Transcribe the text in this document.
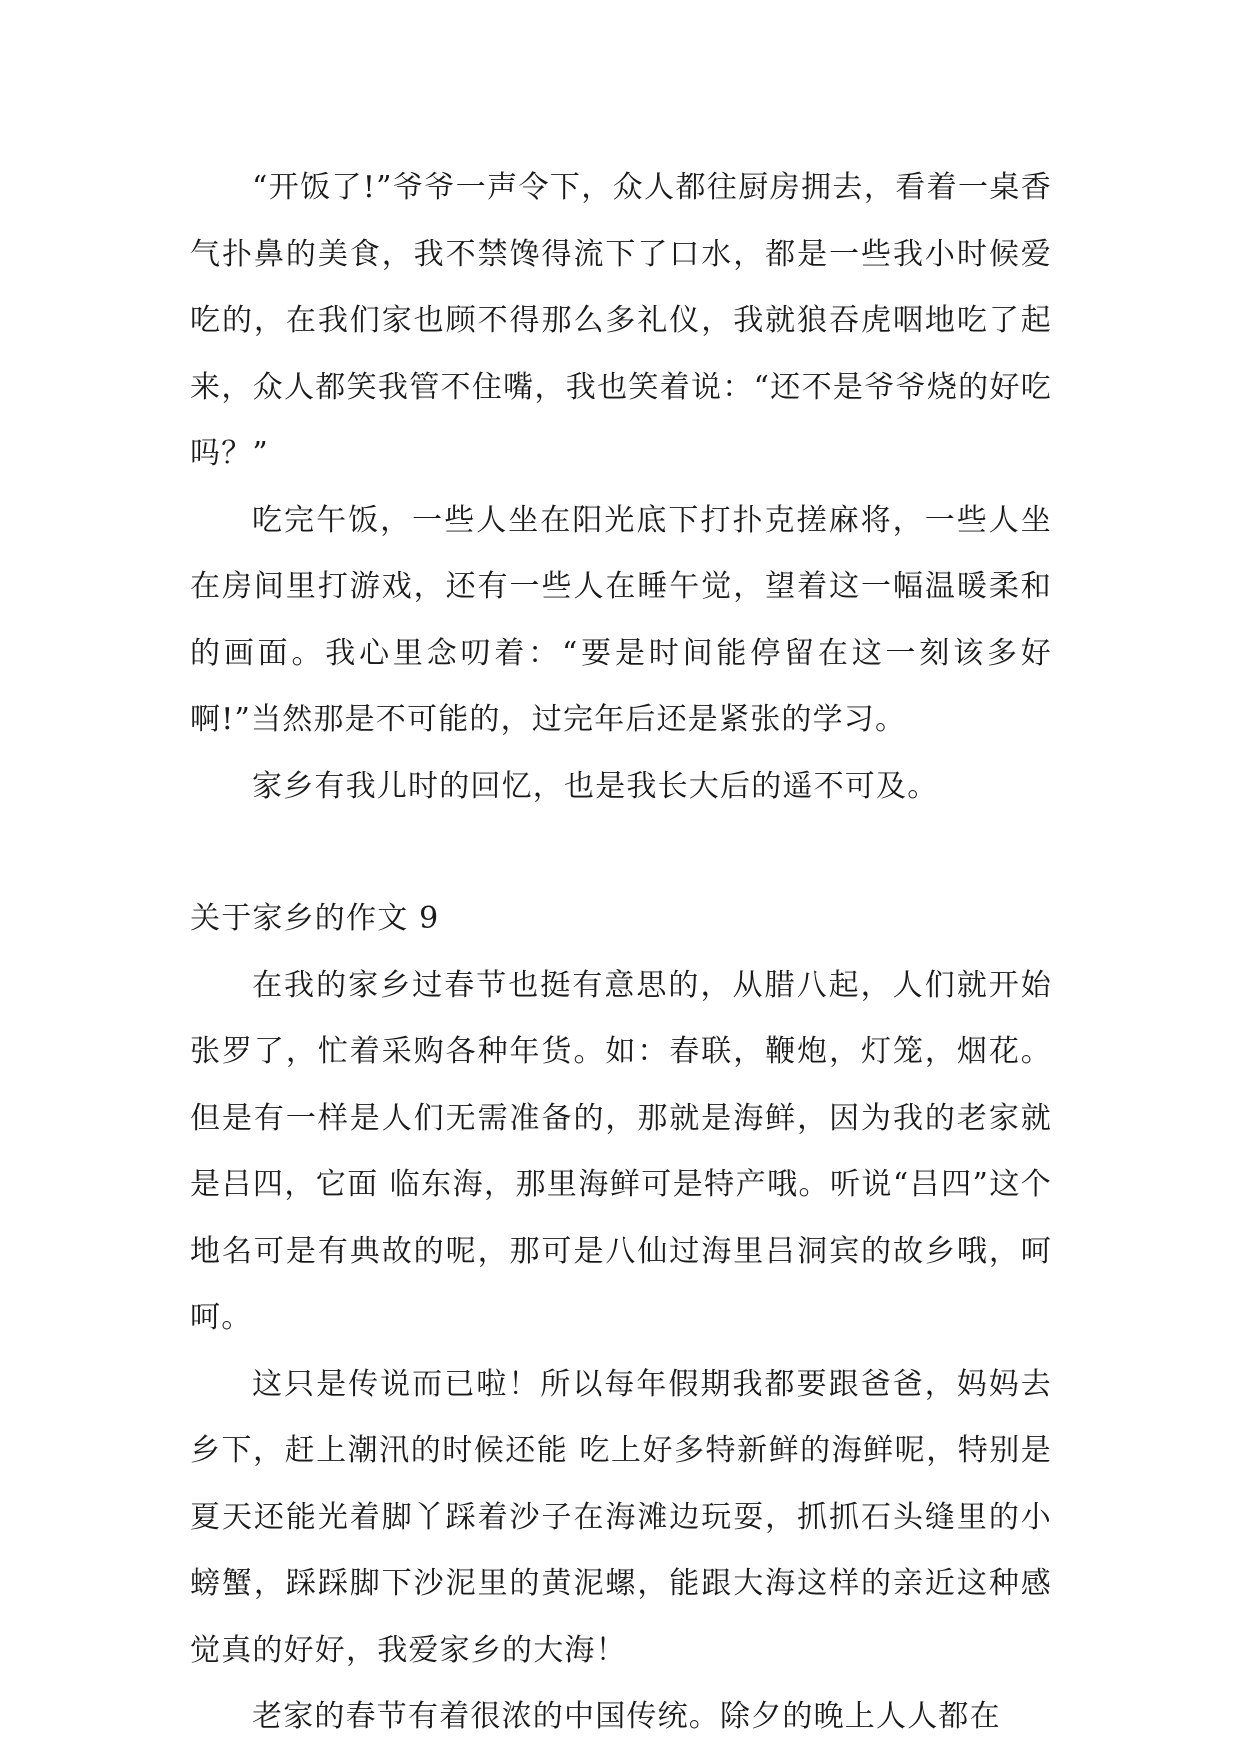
“开饭了!”爷爷一声令下，众人都往厨房拥去，看着一桌香气扑鼻的美食，我不禁馋得流下了口水，都是一些我小时候爱吃的，在我们家也顾不得那么多礼仪，我就狼吞虎咽地吃了起来，众人都笑我管不住嘴，我也笑着说：“还不是爷爷烧的好吃吗？”

吃完午饭，一些人坐在阳光底下打扑克搓麻将，一些人坐在房间里打游戏，还有一些人在睡午觉，望着这一幅温暖柔和的画面。我心里念叨着：“要是时间能停留在这一刻该多好啊!”当然那是不可能的，过完年后还是紧张的学习。

家乡有我儿时的回忆，也是我长大后的遥不可及。

关于家乡的作文 9

在我的家乡过春节也挺有意思的，从腊八起，人们就开始张罗了，忙着采购各种年货。如：春联，鞭炮，灯笼，烟花。但是有一样是人们无需准备的，那就是海鲜，因为我的老家就是吕四，它面 临东海，那里海鲜可是特产哦。听说“吕四”这个地名可是有典故的呢，那可是八仙过海里吕洞宾的故乡哦，呵呵。

这只是传说而已啦！所以每年假期我都要跟爸爸，妈妈去乡下，赶上潮汛的时候还能 吃上好多特新鲜的海鲜呢，特别是夏天还能光着脚丫踩着沙子在海滩边玩耍，抓抓石头缝里的小螃蟹，踩踩脚下沙泥里的黄泥螺，能跟大海这样的亲近这种感觉真的好好，我爱家乡的大海！

老家的春节有着很浓的中国传统。除夕的晚上人人都在
